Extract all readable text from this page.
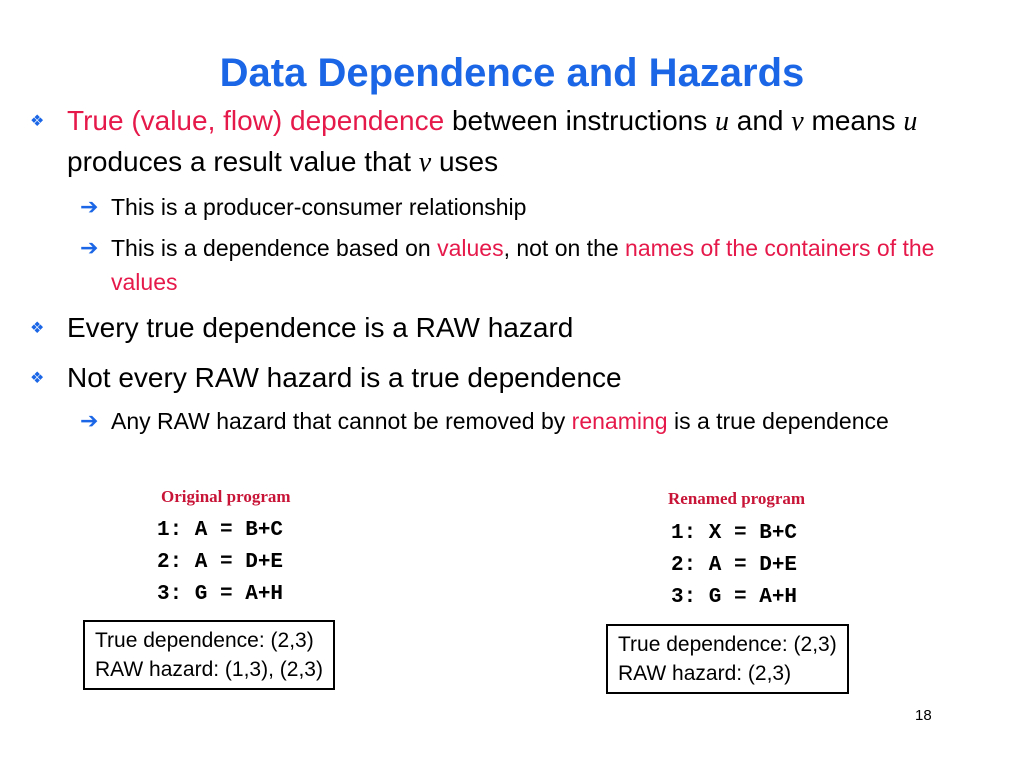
Data Dependence and Hazards
❖ True (value, flow) dependence between instructions u and v means u produces a result value that v uses
➔ This is a producer-consumer relationship
➔ This is a dependence based on values, not on the names of the containers of the values
❖ Every true dependence is a RAW hazard
❖ Not every RAW hazard is a true dependence
➔ Any RAW hazard that cannot be removed by renaming is a true dependence
Original program
1: A = B+C
2: A = D+E
3: G = A+H
True dependence: (2,3)
RAW hazard: (1,3), (2,3)
Renamed program
1: X = B+C
2: A = D+E
3: G = A+H
True dependence: (2,3)
RAW hazard: (2,3)
18
